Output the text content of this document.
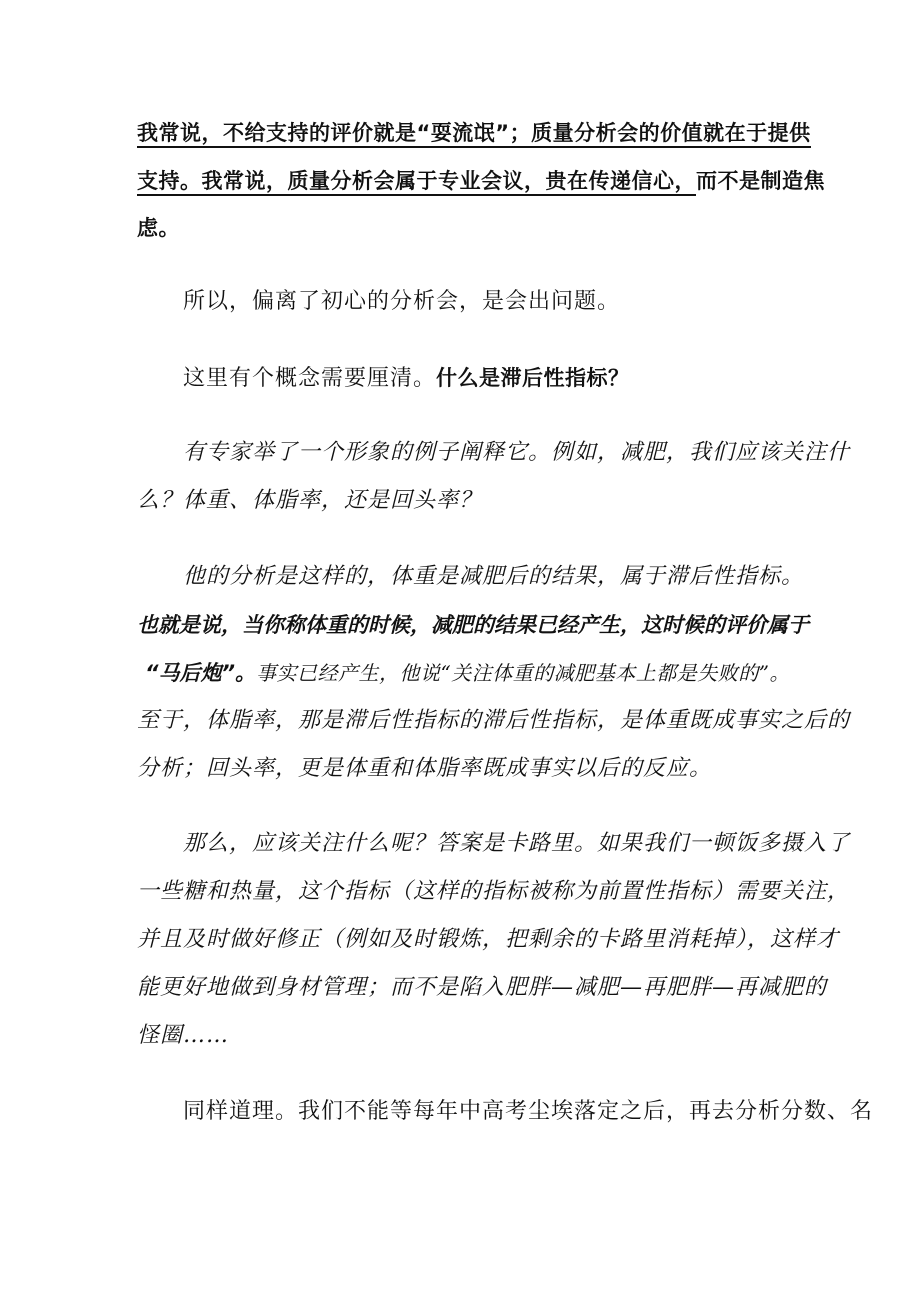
我常说，不给支持的评价就是“耍流氓”；质量分析会的价值就在于提供
支持。我常说，质量分析会属于专业会议，贵在传递信心，而不是制造焦
虑。
所以，偏离了初心的分析会，是会出问题。
这里有个概念需要厘清。什么是滞后性指标？
有专家举了一个形象的例子阐释它。例如，减肥，我们应该关注什
么？体重、体脂率，还是回头率？
他的分析是这样的，体重是减肥后的结果，属于滞后性指标。
也就是说，当你称体重的时候，减肥的结果已经产生，这时候的评价属于
“马后炮”。事实已经产生，他说“关注体重的减肥基本上都是失败的”。
至于，体脂率，那是滞后性指标的滞后性指标，是体重既成事实之后的
分析；回头率，更是体重和体脂率既成事实以后的反应。
那么，应该关注什么呢？答案是卡路里。如果我们一顿饭多摄入了
一些糖和热量，这个指标（这样的指标被称为前置性指标）需要关注，
并且及时做好修正（例如及时锻炼，把剩余的卡路里消耗掉），这样才
能更好地做到身材管理；而不是陷入肥胖—减肥—再肥胖—再减肥的
怪圈……
同样道理。我们不能等每年中高考尘埃落定之后，再去分析分数、名
